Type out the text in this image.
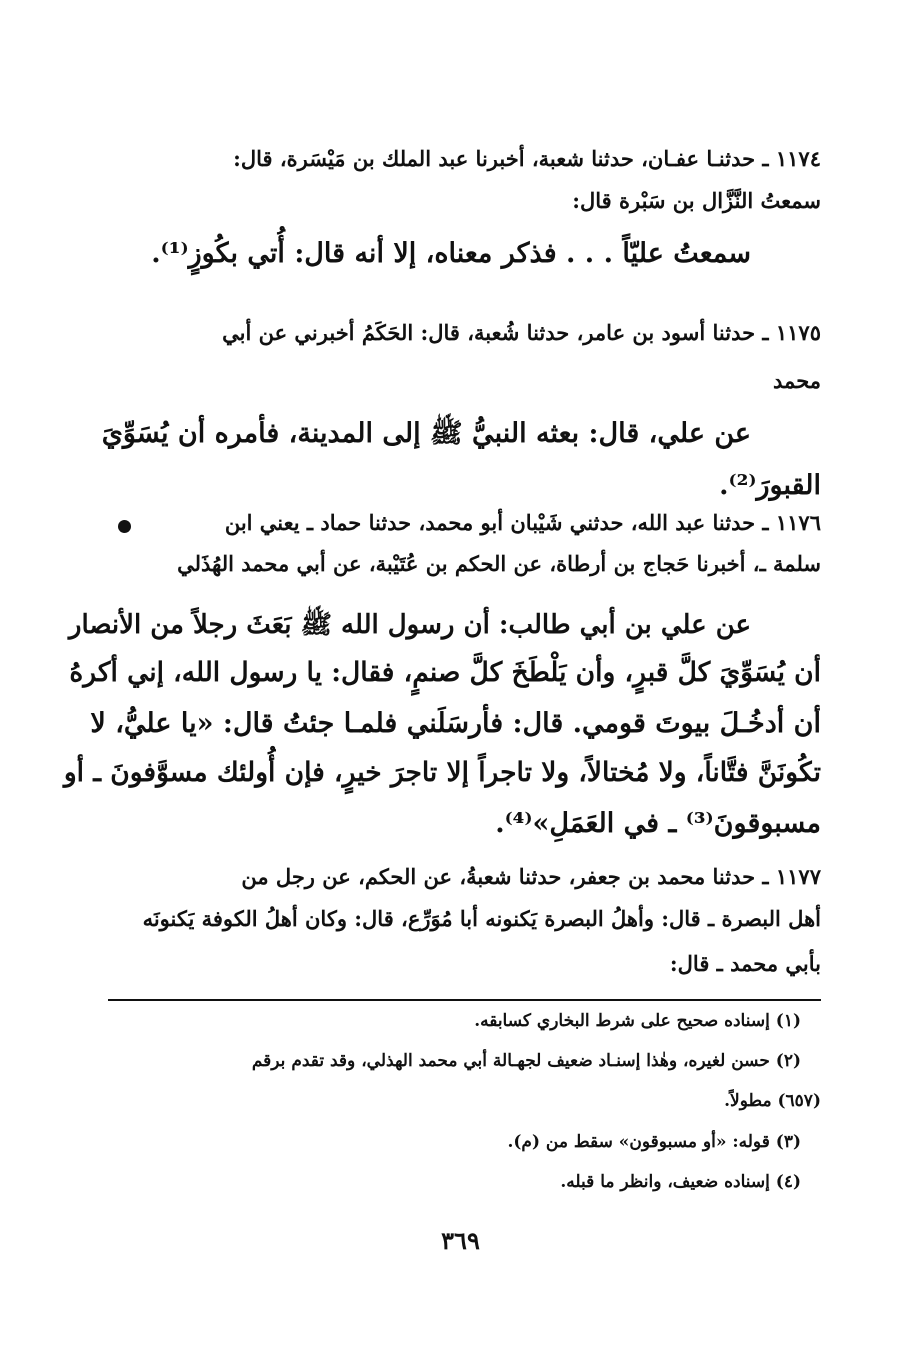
١١٧٤ ـ حدثنـا عفـان، حدثنا شعبة، أخبرنا عبد الملك بن مَيْسَرة، قال:
سمعتُ النَّزَّال بن سَبْرة قال:
سمعتُ عليّاً . . . فذكر معناه، إلا أنه قال: أُتي بكُوزٍ⁽¹⁾.
١١٧٥ ـ حدثنا أسود بن عامر، حدثنا شُعبة، قال: الحَكَمُ أخبرني عن أبي
محمد
عن علي، قال: بعثه النبيُّ ﷺ إلى المدينة، فأمره أن يُسَوِّيَ
القبورَ⁽²⁾.
١١٧٦ ـ حدثنا عبد الله، حدثني شَيْبان أبو محمد، حدثنا حماد ـ يعني ابن
سلمة ـ، أخبرنا حَجاج بن أرطاة، عن الحكم بن عُتَيْبة، عن أبي محمد الهُذَلي
عن علي بن أبي طالب: أن رسول الله ﷺ بَعَثَ رجلاً من الأنصار
أن يُسَوِّيَ كلَّ قبرٍ، وأن يَلْطَخَ كلَّ صنمٍ، فقال: يا رسول الله، إني أكرهُ
أن أدخُـلَ بيوتَ قومي. قال: فأرسَلَني فلمـا جئتُ قال: «يا عليُّ، لا
تكُونَنَّ فتَّاناً، ولا مُختالاً، ولا تاجراً إلا تاجرَ خيرٍ، فإن أُولئك مسوَّفونَ ـ أو
مسبوقونَ⁽³⁾ ـ في العَمَلِ»⁽⁴⁾.
١١٧٧ ـ حدثنا محمد بن جعفر، حدثنا شعبةُ، عن الحكم، عن رجل من
أهل البصرة ـ قال: وأهلُ البصرة يَكنونه أبا مُوَرِّع، قال: وكان أهلُ الكوفة يَكنونَه
بأبي محمد ـ قال:
(١) إسناده صحيح على شرط البخاري كسابقه.
(٢) حسن لغيره، وهٰذا إسنـاد ضعيف لجهـالة أبي محمد الهذلي، وقد تقدم برقم
(٦٥٧) مطولاً.
(٣) قوله: «أو مسبوقون» سقط من (م).
(٤) إسناده ضعيف، وانظر ما قبله.
٣٦٩
